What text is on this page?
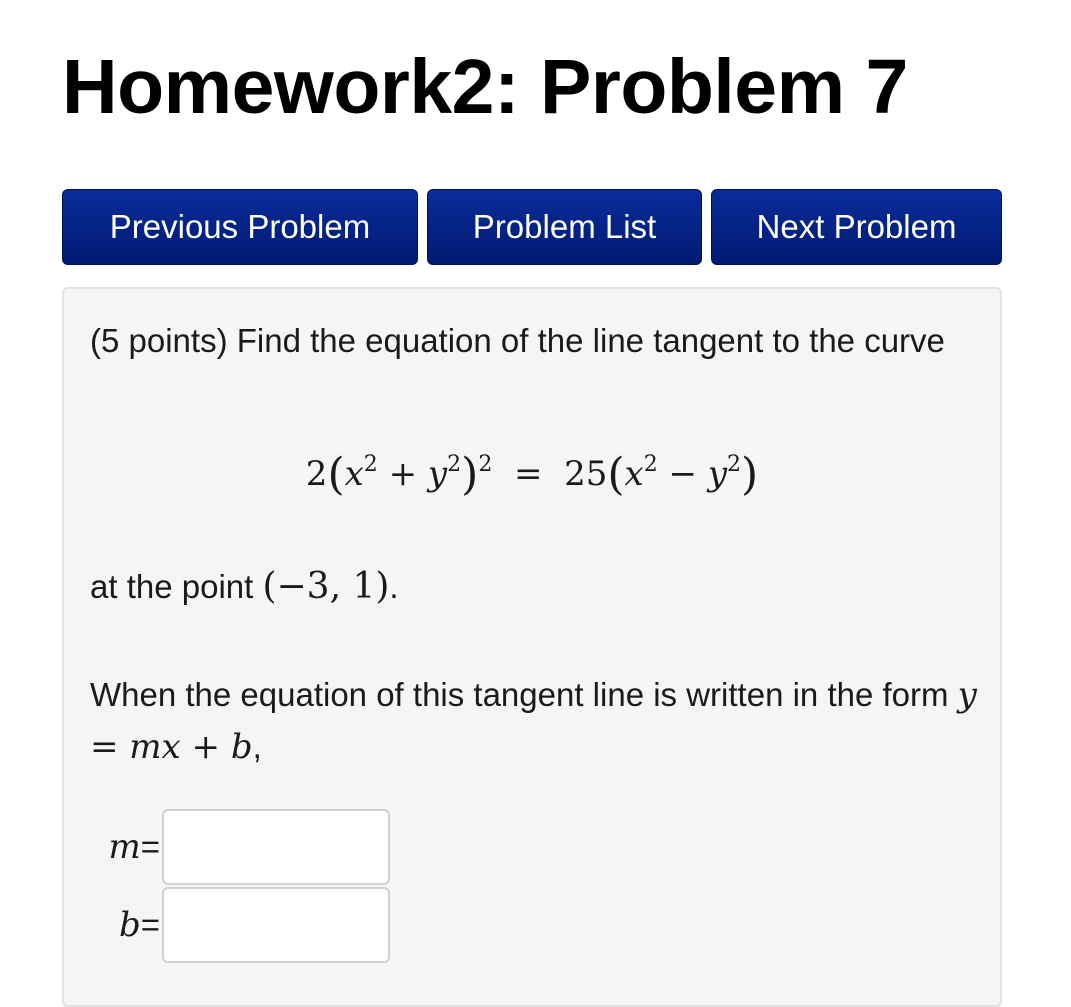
Homework2: Problem 7
Previous Problem	Problem List	Next Problem
(5 points) Find the equation of the line tangent to the curve
$2(x^2 + y^2)^2 = 25(x^2 - y^2)$
at the point (−3, 1).
When the equation of this tangent line is written in the form y = mx + b,
m=
b=
